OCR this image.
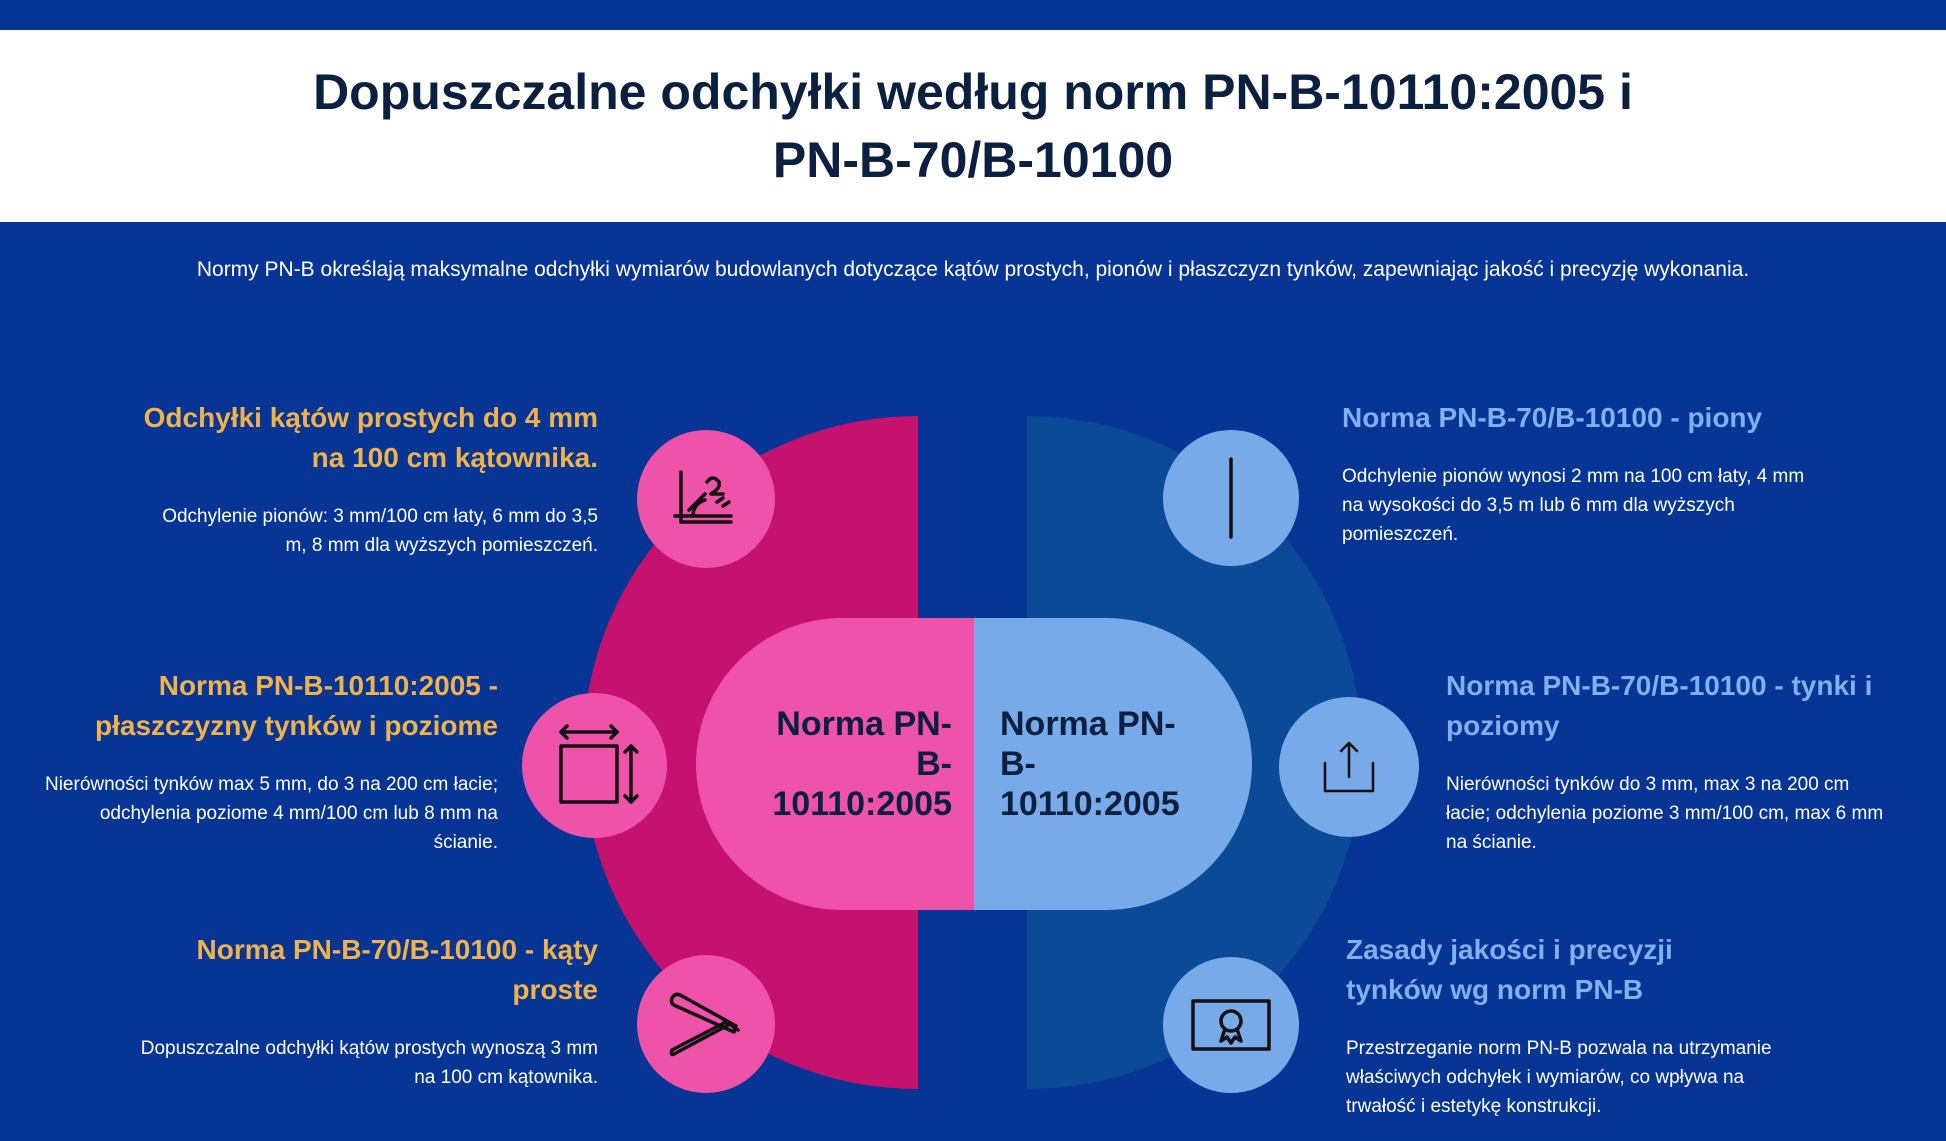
Dopuszczalne odchyłki według norm PN-B-10110:2005 i PN-B-70/B-10100

Normy PN-B określają maksymalne odchyłki wymiarów budowlanych dotyczące kątów prostych, pionów i płaszczyzn tynków, zapewniając jakość i precyzję wykonania.

Norma PN-B-10110:2005
Norma PN-B-10110:2005
Odchyłki kątów prostych do 4 mm na 100 cm kątownika.

Odchylenie pionów: 3 mm/100 cm łaty, 6 mm do 3,5 m, 8 mm dla wyższych pomieszczeń.

Norma PN-B-10110:2005 - płaszczyzny tynków i poziome

Nierówności tynków max 5 mm, do 3 na 200 cm łacie; odchylenia poziome 4 mm/100 cm lub 8 mm na ścianie.

Norma PN-B-70/B-10100 - kąty proste

Dopuszczalne odchyłki kątów prostych wynoszą 3 mm na 100 cm kątownika.

Norma PN-B-70/B-10100 - piony

Odchylenie pionów wynosi 2 mm na 100 cm łaty, 4 mm na wysokości do 3,5 m lub 6 mm dla wyższych pomieszczeń.

Norma PN-B-70/B-10100 - tynki i poziomy

Nierówności tynków do 3 mm, max 3 na 200 cm łacie; odchylenia poziome 3 mm/100 cm, max 6 mm na ścianie.

Zasady jakości i precyzji tynków wg norm PN-B

Przestrzeganie norm PN-B pozwala na utrzymanie właściwych odchyłek i wymiarów, co wpływa na trwałość i estetykę konstrukcji.
